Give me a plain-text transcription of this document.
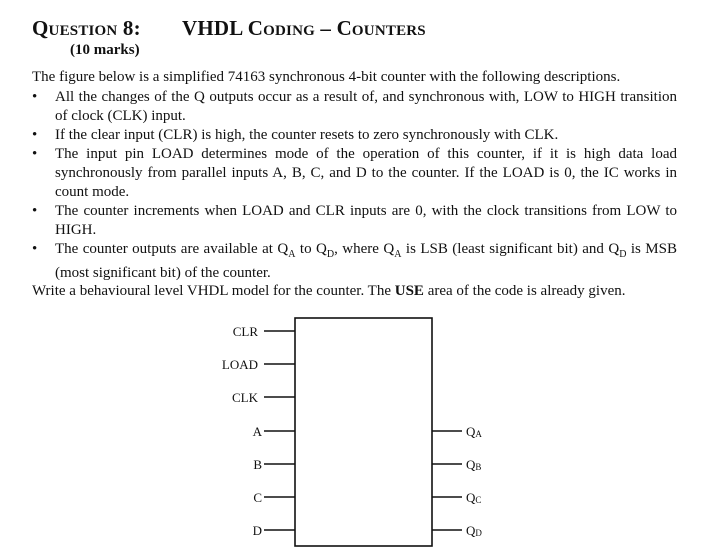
Question 8: VHDL Coding – Counters
(10 marks)
The figure below is a simplified 74163 synchronous 4-bit counter with the following descriptions.
• All the changes of the Q outputs occur as a result of, and synchronous with, LOW to HIGH transition of clock (CLK) input.
• If the clear input (CLR) is high, the counter resets to zero synchronously with CLK.
• The input pin LOAD determines mode of the operation of this counter, if it is high data load synchronously from parallel inputs A, B, C, and D to the counter. If the LOAD is 0, the IC works in count mode.
• The counter increments when LOAD and CLR inputs are 0, with the clock transitions from LOW to HIGH.
• The counter outputs are available at $Q_A$ to $Q_D$, where $Q_A$ is LSB (least significant bit) and $Q_D$ is MSB (most significant bit) of the counter.
Write a behavioural level VHDL model for the counter. The USE area of the code is already given.
CLR
LOAD
CLK
A
B
C
D
QA
QB
QC
QD
